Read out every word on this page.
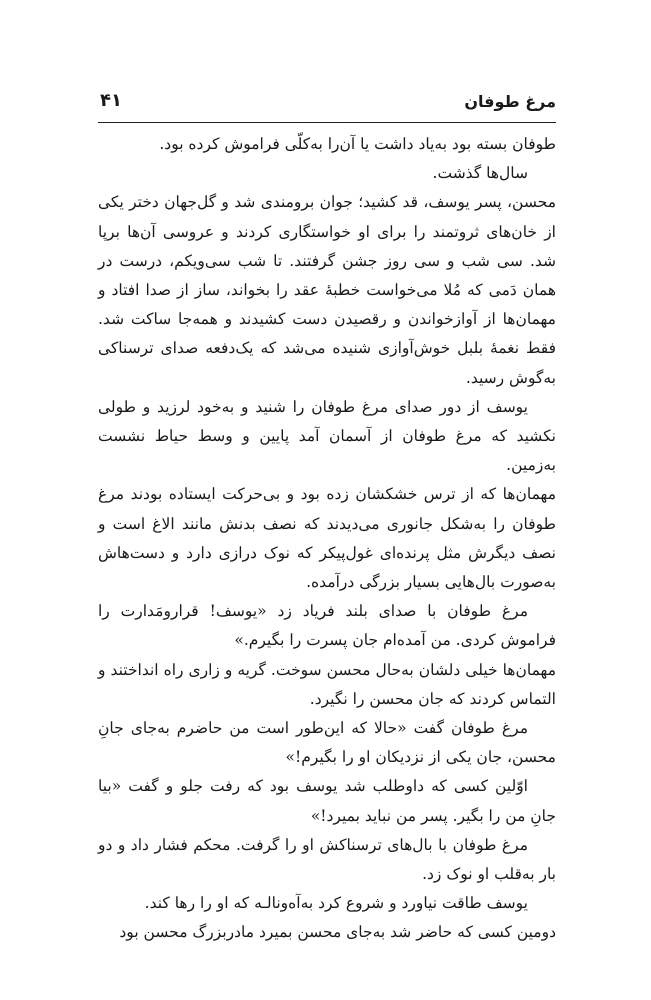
مرغ طوفان
۴۱

طوفان بسته بود به‌یاد داشت یا آن‌را به‌کلّی فراموش کرده بود.

سال‌ها گذشت.

محسن، پسر یوسف، قد کشید؛ جوان برومندی شد و گل‌جهان دختر یکی از خان‌های ثروتمند را برای او خواستگاری کردند و عروسی آن‌ها برپا شد. سی شب و سی روز جشن گرفتند. تا شب سی‌ویکم، درست در همان دَمی که مُلا می‌خواست خطبهٔ عقد را بخواند، ساز از صدا افتاد و مهمان‌ها از آوازخواندن و رقصیدن دست کشیدند و همه‌جا ساکت شد. فقط نغمهٔ بلبل خوش‌آوازی شنیده می‌شد که یک‌دفعه صدای ترسناکی به‌گوش رسید.

یوسف از دور صدای مرغ طوفان را شنید و به‌خود لرزید و طولی نکشید که مرغ طوفان از آسمان آمد پایین و وسط حیاط نشست به‌زمین.

مهمان‌ها که از ترس خشکشان زده بود و بی‌حرکت ایستاده بودند مرغ طوفان را به‌شکل جانوری می‌دیدند که نصف بدنش مانند الاغ است و نصف دیگرش مثل پرنده‌ای غول‌پیکر که نوک درازی دارد و دست‌هاش به‌صورت بال‌هایی بسیار بزرگی درآمده.

مرغ طوفان با صدای بلند فریاد زد «یوسف! قرارومَدارت را فراموش کردی. من آمده‌ام جان پسرت را بگیرم.»

مهمان‌ها خیلی دلشان به‌حال محسن سوخت. گریه و زاری راه انداختند و التماس کردند که جان محسن را نگیرد.

مرغ طوفان گفت «حالا که این‌طور است من حاضرم به‌جای جانِ محسن، جان یکی از نزدیکان او را بگیرم!»

اوّلین کسی که داوطلب شد یوسف بود که رفت جلو و گفت «بیا جانِ من را بگیر. پسر من نباید بمیرد!»

مرغ طوفان با بال‌های ترسناکش او را گرفت. محکم فشار داد و دو بار به‌قلب او نوک زد.

یوسف طاقت نیاورد و شروع کرد به‌آه‌ونالـه که او را رها کند.

دومین کسی که حاضر شد به‌جای محسن بمیرد مادربزرگ محسن بود
